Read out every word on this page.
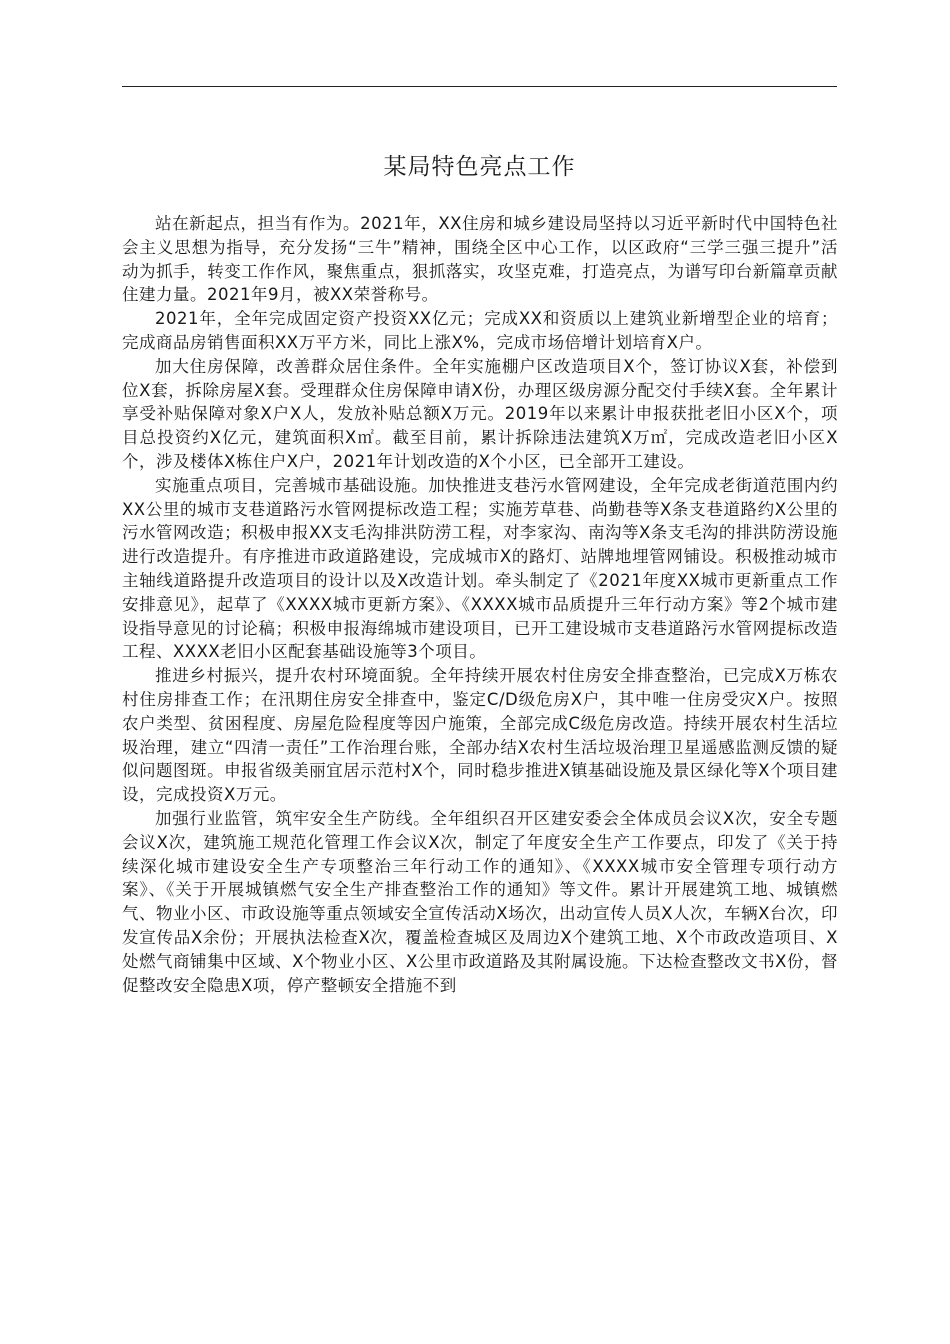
某局特色亮点工作

站在新起点，担当有作为。2021年，XX住房和城乡建设局坚持以习近平新时代中国特色社会主义思想为指导，充分发扬“三牛”精神，围绕全区中心工作，以区政府“三学三强三提升”活动为抓手，转变工作作风，聚焦重点，狠抓落实，攻坚克难，打造亮点，为谱写印台新篇章贡献住建力量。2021年9月，被XX荣誉称号。

2021年，全年完成固定资产投资XX亿元；完成XX和资质以上建筑业新增型企业的培育；完成商品房销售面积XX万平方米，同比上涨X%，完成市场倍增计划培育X户。

加大住房保障，改善群众居住条件。全年实施棚户区改造项目X个，签订协议X套，补偿到位X套，拆除房屋X套。受理群众住房保障申请X份，办理区级房源分配交付手续X套。全年累计享受补贴保障对象X户X人，发放补贴总额X万元。2019年以来累计申报获批老旧小区X个，项目总投资约X亿元，建筑面积X㎡。截至目前，累计拆除违法建筑X万㎡，完成改造老旧小区X个，涉及楼体X栋住户X户，2021年计划改造的X个小区，已全部开工建设。

实施重点项目，完善城市基础设施。加快推进支巷污水管网建设，全年完成老街道范围内约XX公里的城市支巷道路污水管网提标改造工程；实施芳草巷、尚勤巷等X条支巷道路约X公里的污水管网改造；积极申报XX支毛沟排洪防涝工程，对李家沟、南沟等X条支毛沟的排洪防涝设施进行改造提升。有序推进市政道路建设，完成城市X的路灯、站牌地埋管网铺设。积极推动城市主轴线道路提升改造项目的设计以及X改造计划。牵头制定了《2021年度XX城市更新重点工作安排意见》，起草了《XXXX城市更新方案》、《XXXX城市品质提升三年行动方案》等2个城市建设指导意见的讨论稿；积极申报海绵城市建设项目，已开工建设城市支巷道路污水管网提标改造工程、XXXX老旧小区配套基础设施等3个项目。

推进乡村振兴，提升农村环境面貌。全年持续开展农村住房安全排查整治，已完成X万栋农村住房排查工作；在汛期住房安全排查中，鉴定C/D级危房X户，其中唯一住房受灾X户。按照农户类型、贫困程度、房屋危险程度等因户施策，全部完成C级危房改造。持续开展农村生活垃圾治理，建立“四清一责任”工作治理台账，全部办结X农村生活垃圾治理卫星遥感监测反馈的疑似问题图斑。申报省级美丽宜居示范村X个，同时稳步推进X镇基础设施及景区绿化等X个项目建设，完成投资X万元。

加强行业监管，筑牢安全生产防线。全年组织召开区建安委会全体成员会议X次，安全专题会议X次，建筑施工规范化管理工作会议X次，制定了年度安全生产工作要点，印发了《关于持续深化城市建设安全生产专项整治三年行动工作的通知》、《XXXX城市安全管理专项行动方案》、《关于开展城镇燃气安全生产排查整治工作的通知》等文件。累计开展建筑工地、城镇燃气、物业小区、市政设施等重点领域安全宣传活动X场次，出动宣传人员X人次，车辆X台次，印发宣传品X余份；开展执法检查X次，覆盖检查城区及周边X个建筑工地、X个市政改造项目、X处燃气商铺集中区域、X个物业小区、X公里市政道路及其附属设施。下达检查整改文书X份，督促整改安全隐患X项，停产整顿安全措施不到
